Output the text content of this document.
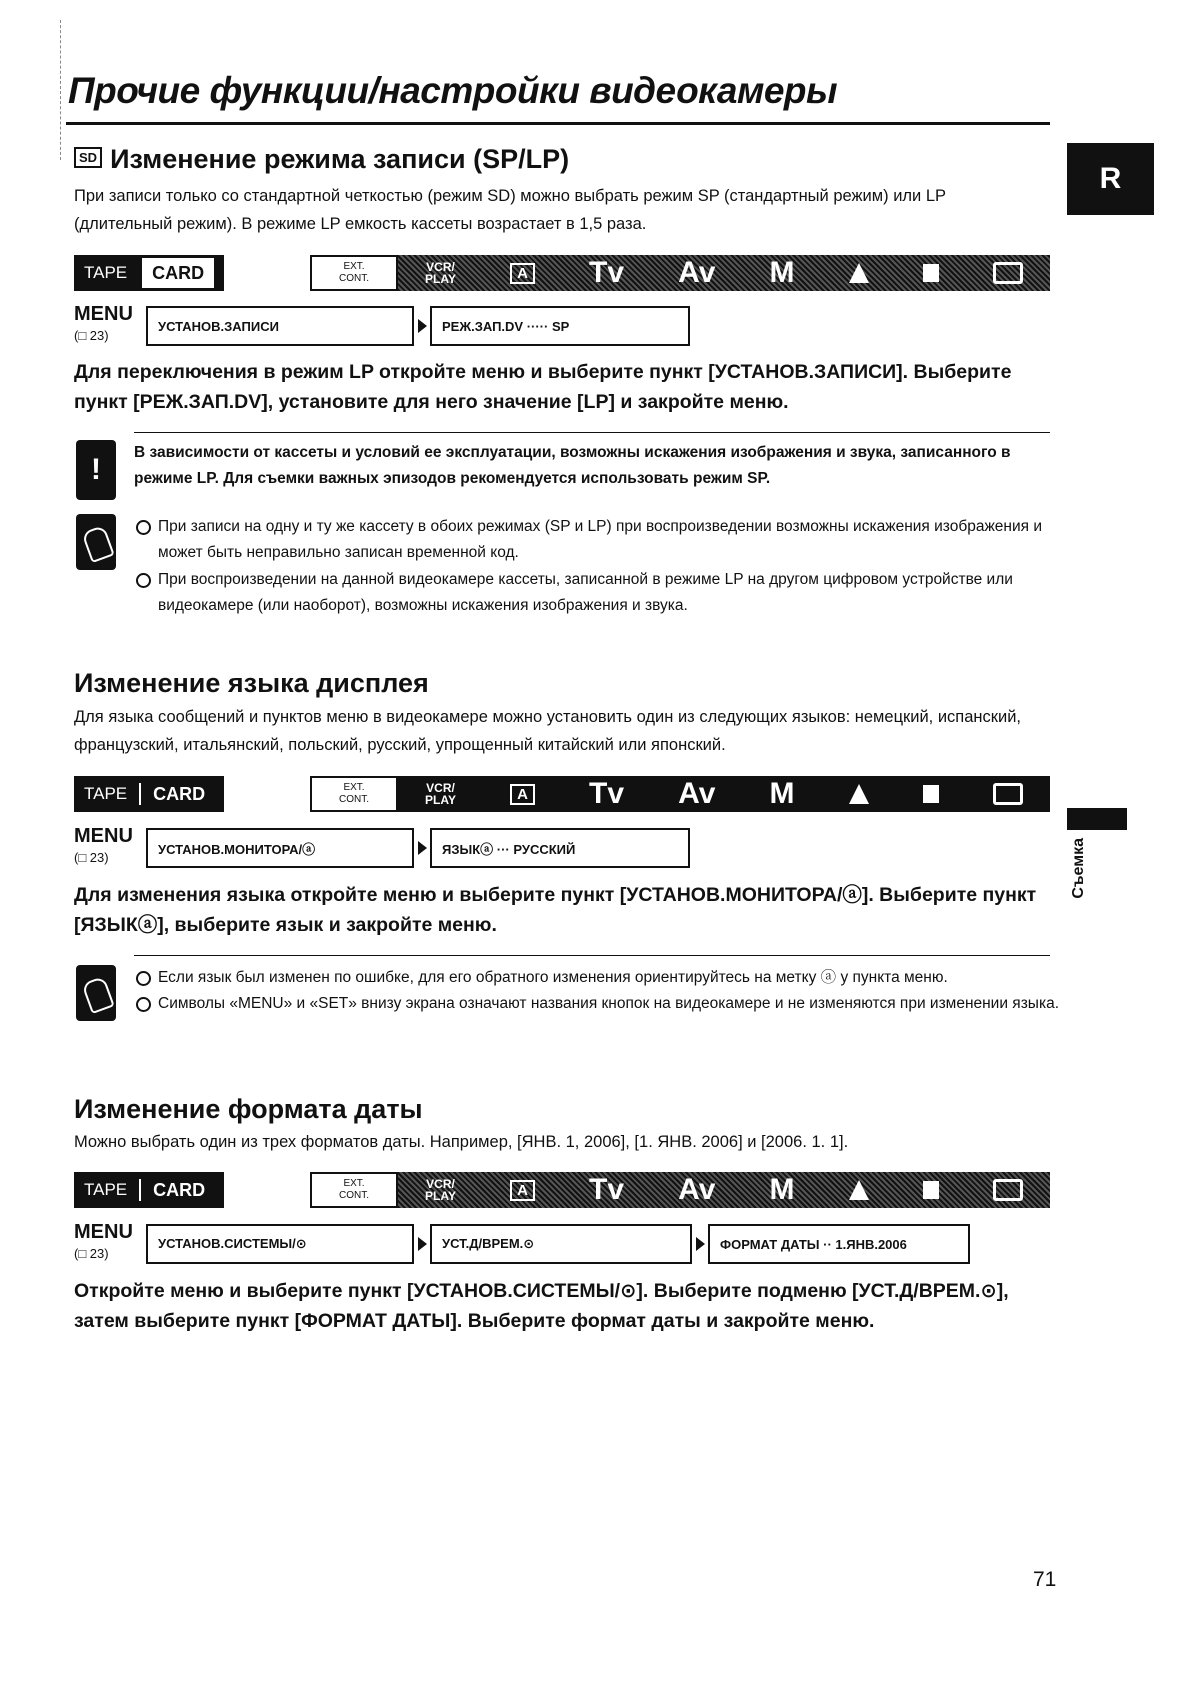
Прочие функции/настройки видеокамеры
R
Съемка
SD Изменение режима записи (SP/LP)
При записи только со стандартной четкостью (режим SD) можно выбрать режим SP (стандартный режим) или LP (длительный режим). В режиме LP емкость кассеты возрастает в 1,5 раза.
TAPE	CARD	EXT.
CONT.
VCR/
PLAY	A Tv Av M
MENU
(□ 23)
УСТАНОВ.ЗАПИСИ	РЕЖ.ЗАП.DV ····· SP
Для переключения в режим LP откройте меню и выберите пункт [УСТАНОВ.ЗАПИСИ]. Выберите пункт [РЕЖ.ЗАП.DV], установите для него значение [LP] и закройте меню.
!
В зависимости от кассеты и условий ее эксплуатации, возможны искажения изображения и звука, записанного в режиме LP. Для съемки важных эпизодов рекомендуется использовать режим SP.
При записи на одну и ту же кассету в обоих режимах (SP и LP) при воспроизведении возможны искажения изображения и может быть неправильно записан временной код.
При воспроизведении на данной видеокамере кассеты, записанной в режиме LP на другом цифровом устройстве или видеокамере (или наоборот), возможны искажения изображения и звука.
Изменение языка дисплея
Для языка сообщений и пунктов меню в видеокамере можно установить один из следующих языков: немецкий, испанский, французский, итальянский, польский, русский, упрощенный китайский или японский.
TAPE	CARD	EXT.
CONT.
VCR/
PLAY	A Tv Av M
MENU
(□ 23)
УСТАНОВ.МОНИТОРА/ⓐ	ЯЗЫКⓐ ··· РУССКИЙ
Для изменения языка откройте меню и выберите пункт [УСТАНОВ.МОНИТОРА/ⓐ]. Выберите пункт [ЯЗЫКⓐ], выберите язык и закройте меню.
Если язык был изменен по ошибке, для его обратного изменения ориентируйтесь на метку ⓐ у пункта меню.
Символы «MENU» и «SET» внизу экрана означают названия кнопок на видеокамере и не изменяются при изменении языка.
Изменение формата даты
Можно выбрать один из трех форматов даты. Например, [ЯНВ. 1, 2006], [1. ЯНВ. 2006] и [2006. 1. 1].
TAPE	CARD	EXT.
CONT.
VCR/
PLAY	A Tv Av M
MENU
(□ 23)
УСТАНОВ.СИСТЕМЫ/⊙	УСТ.Д/ВРЕМ.⊙	ФОРМАТ ДАТЫ ·· 1.ЯНВ.2006
Откройте меню и выберите пункт [УСТАНОВ.СИСТЕМЫ/⊙]. Выберите подменю [УСТ.Д/ВРЕМ.⊙], затем выберите пункт [ФОРМАТ ДАТЫ]. Выберите формат даты и закройте меню.
71
